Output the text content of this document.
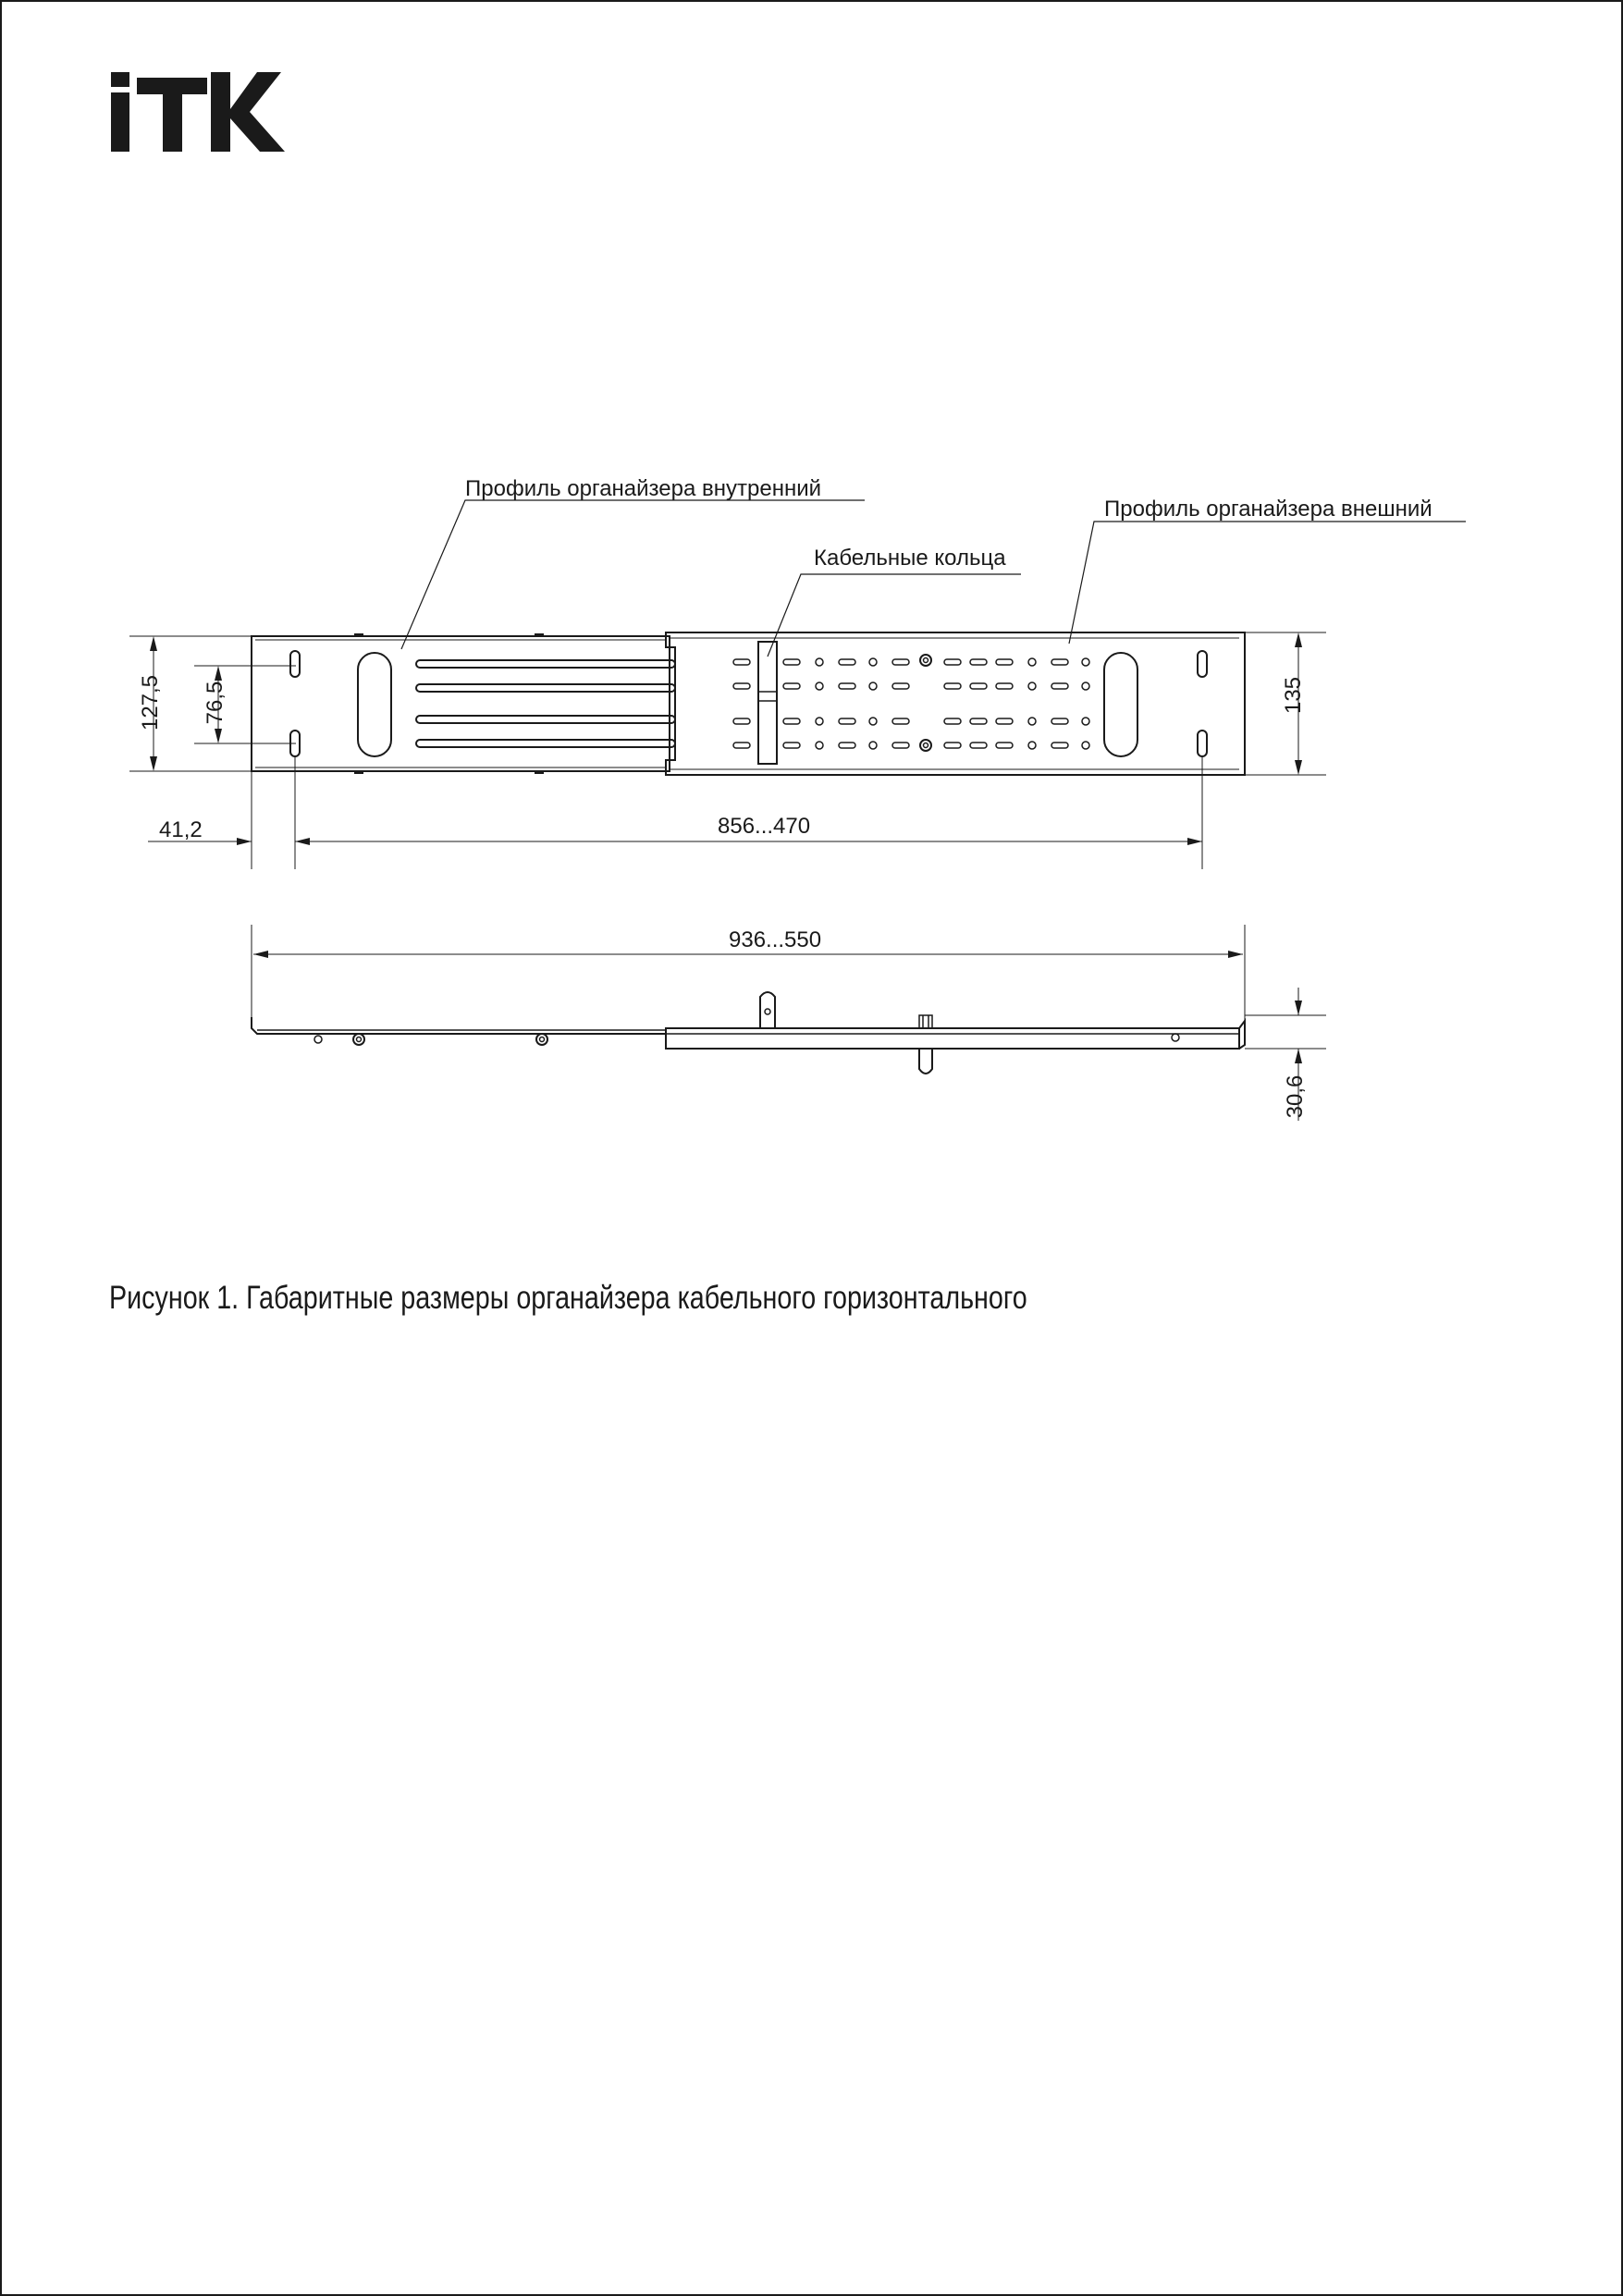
Профиль органайзера внутренний
Профиль органайзера внешний
Кабельные кольца
127,5 76,5	135
41,2	856...470
936...550
30,6
Рисунок 1. Габаритные размеры органайзера кабельного горизонтального
